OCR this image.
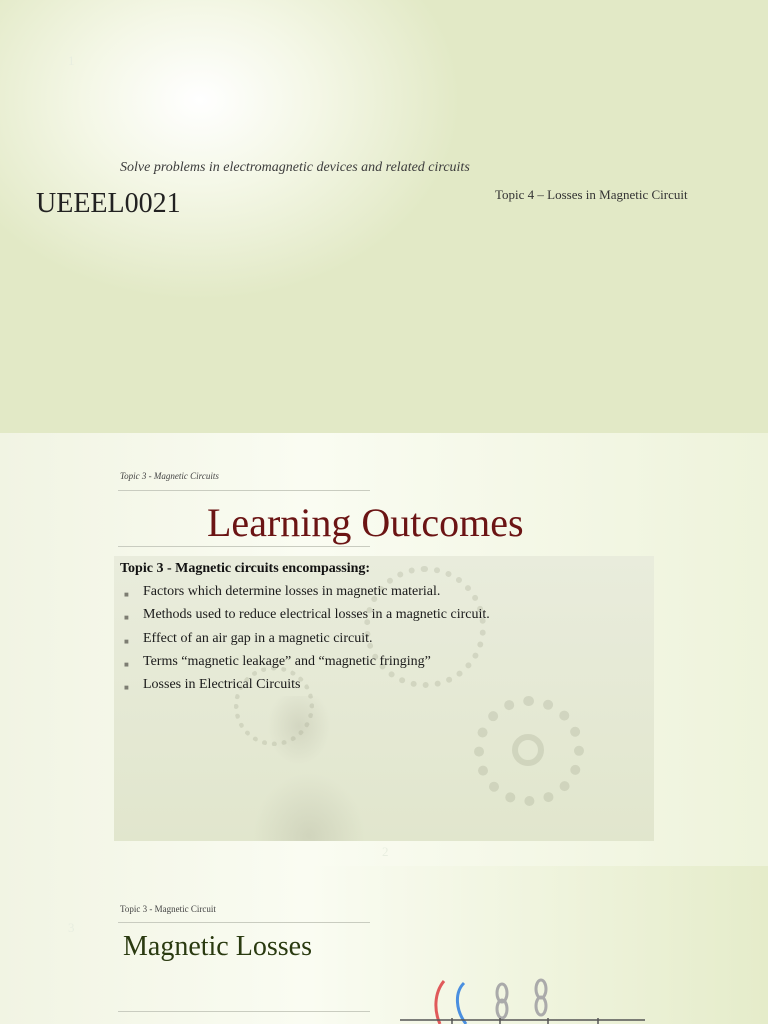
1
Solve problems in electromagnetic devices and related circuits
UEEEL0021	Topic 4 – Losses in Magnetic Circuit
Topic 3 - Magnetic Circuits
Learning Outcomes
Topic 3 - Magnetic circuits encompassing:
■ Factors which determine losses in magnetic material.
■ Methods used to reduce electrical losses in a magnetic circuit.
■ Effect of an air gap in a magnetic circuit.
■ Terms “magnetic leakage” and “magnetic fringing”
■ Losses in Electrical Circuits
2
3
Topic 3 - Magnetic Circuit
Magnetic Losses
